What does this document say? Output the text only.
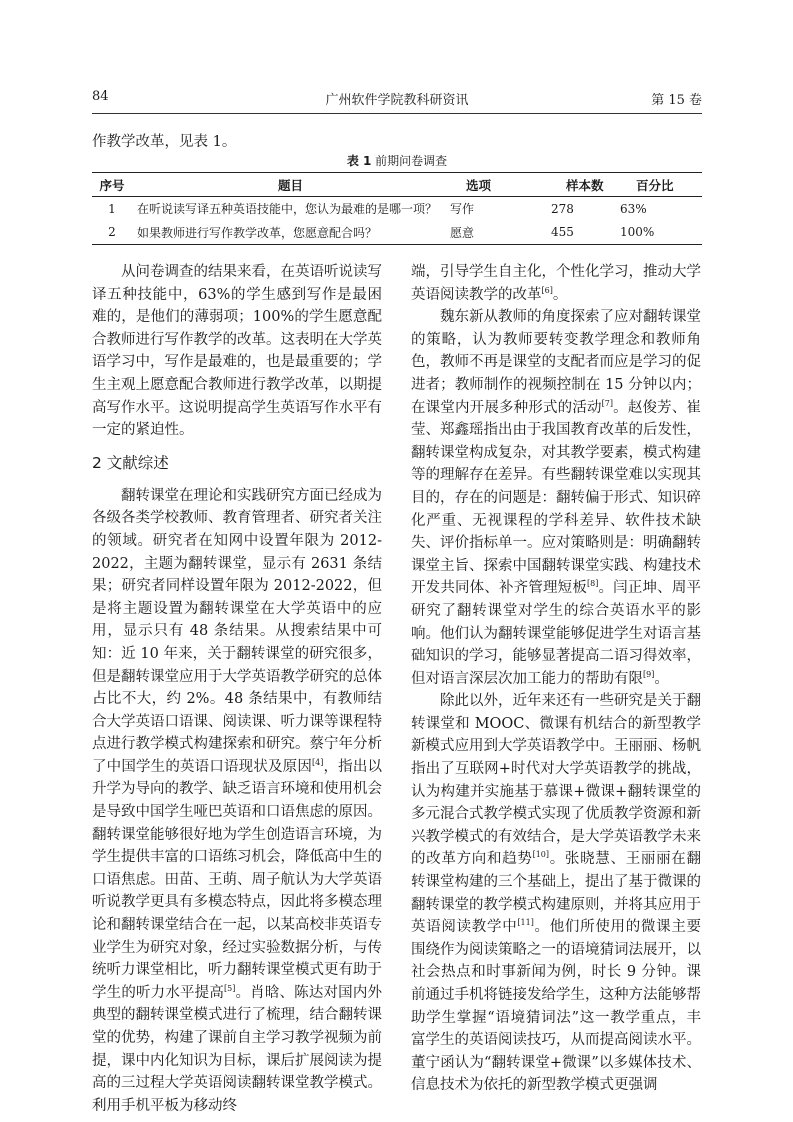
84	广州软件学院教科研资讯	第 15 卷
作教学改革，见表 1。
表 1 前期问卷调查
序号	题目	选项	样本数	百分比
1	在听说读写译五种英语技能中，您认为最难的是哪一项？	写作	278	63%
2	如果教师进行写作教学改革，您愿意配合吗？	愿意	455	100%

从问卷调查的结果来看，在英语听说读写译五种技能中，63%的学生感到写作是最困难的，是他们的薄弱项；100%的学生愿意配合教师进行写作教学的改革。这表明在大学英语学习中，写作是最难的，也是最重要的；学生主观上愿意配合教师进行教学改革，以期提高写作水平。这说明提高学生英语写作水平有一定的紧迫性。

2 文献综述

翻转课堂在理论和实践研究方面已经成为各级各类学校教师、教育管理者、研究者关注的领域。研究者在知网中设置年限为 2012-2022，主题为翻转课堂，显示有 2631 条结果；研究者同样设置年限为 2012-2022，但是将主题设置为翻转课堂在大学英语中的应用，显示只有 48 条结果。从搜索结果中可知：近 10 年来，关于翻转课堂的研究很多，但是翻转课堂应用于大学英语教学研究的总体占比不大，约 2%。48 条结果中，有教师结合大学英语口语课、阅读课、听力课等课程特点进行教学模式构建探索和研究。蔡宁年分析了中国学生的英语口语现状及原因[4]，指出以升学为导向的教学、缺乏语言环境和使用机会是导致中国学生哑巴英语和口语焦虑的原因。翻转课堂能够很好地为学生创造语言环境，为学生提供丰富的口语练习机会，降低高中生的口语焦虑。田苗、王萌、周子航认为大学英语听说教学更具有多模态特点，因此将多模态理论和翻转课堂结合在一起，以某高校非英语专业学生为研究对象，经过实验数据分析，与传统听力课堂相比，听力翻转课堂模式更有助于学生的听力水平提高[5]。肖晗、陈达对国内外典型的翻转课堂模式进行了梳理，结合翻转课堂的优势，构建了课前自主学习教学视频为前提，课中内化知识为目标，课后扩展阅读为提高的三过程大学英语阅读翻转课堂教学模式。利用手机平板为移动终

端，引导学生自主化，个性化学习，推动大学英语阅读教学的改革[6]。

魏东新从教师的角度探索了应对翻转课堂的策略，认为教师要转变教学理念和教师角色，教师不再是课堂的支配者而应是学习的促进者；教师制作的视频控制在 15 分钟以内；在课堂内开展多种形式的活动[7]。赵俊芳、崔莹、郑鑫瑶指出由于我国教育改革的后发性，翻转课堂构成复杂，对其教学要素，模式构建等的理解存在差异。有些翻转课堂难以实现其目的，存在的问题是：翻转偏于形式、知识碎化严重、无视课程的学科差异、软件技术缺失、评价指标单一。应对策略则是：明确翻转课堂主旨、探索中国翻转课堂实践、构建技术开发共同体、补齐管理短板[8]。闫正坤、周平研究了翻转课堂对学生的综合英语水平的影响。他们认为翻转课堂能够促进学生对语言基础知识的学习，能够显著提高二语习得效率，但对语言深层次加工能力的帮助有限[9]。

除此以外，近年来还有一些研究是关于翻转课堂和 MOOC、微课有机结合的新型教学新模式应用到大学英语教学中。王丽丽、杨帆指出了互联网+时代对大学英语教学的挑战，认为构建并实施基于慕课+微课+翻转课堂的多元混合式教学模式实现了优质教学资源和新兴教学模式的有效结合，是大学英语教学未来的改革方向和趋势[10]。张晓慧、王丽丽在翻转课堂构建的三个基础上，提出了基于微课的翻转课堂的教学模式构建原则，并将其应用于英语阅读教学中[11]。他们所使用的微课主要围绕作为阅读策略之一的语境猜词法展开，以社会热点和时事新闻为例，时长 9 分钟。课前通过手机将链接发给学生，这种方法能够帮助学生掌握“语境猜词法”这一教学重点，丰富学生的英语阅读技巧，从而提高阅读水平。董宁函认为“翻转课堂+微课”以多媒体技术、信息技术为依托的新型教学模式更强调
